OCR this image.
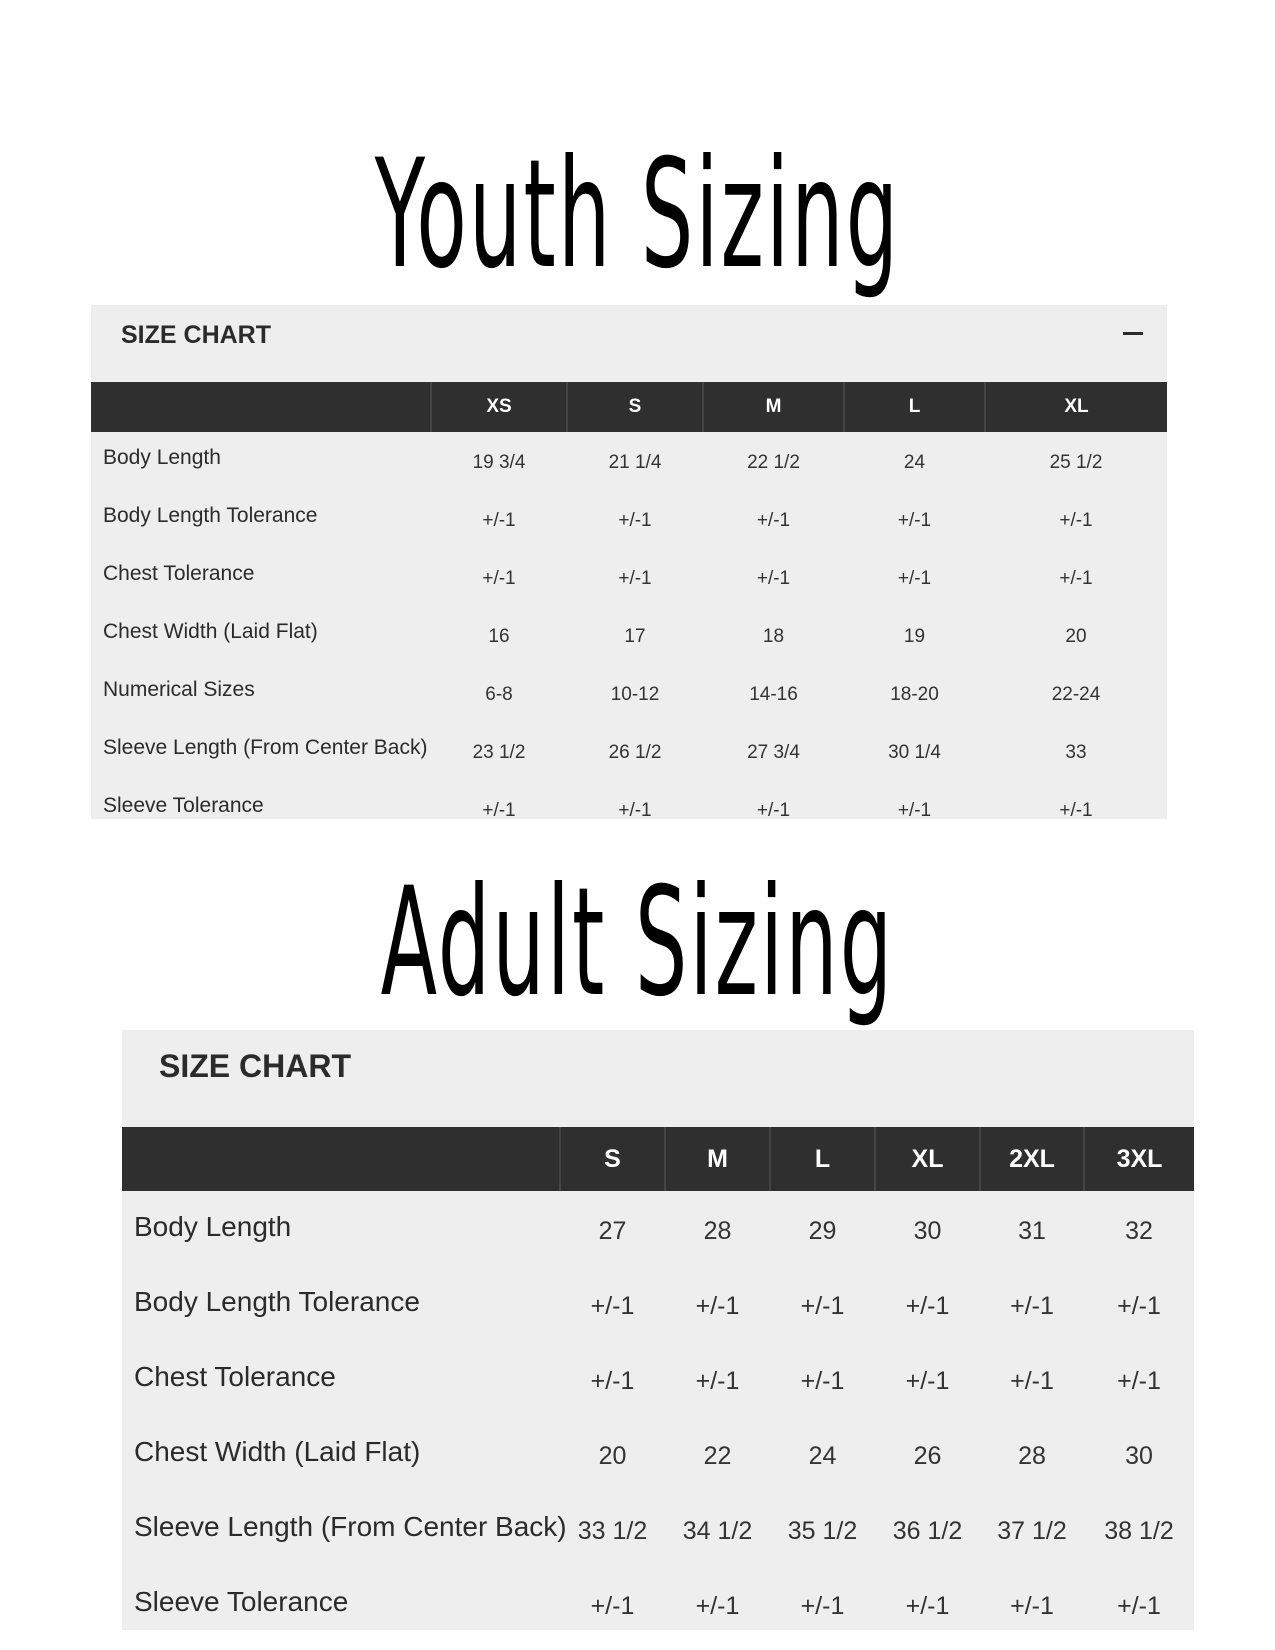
Youth Sizing
SIZE CHART
	XS	S	M	L	XL
Body Length	19 3/4	21 1/4	22 1/2	24	25 1/2
Body Length Tolerance	+/-1	+/-1	+/-1	+/-1	+/-1
Chest Tolerance	+/-1	+/-1	+/-1	+/-1	+/-1
Chest Width (Laid Flat)	16	17	18	19	20
Numerical Sizes	6-8	10-12	14-16	18-20	22-24
Sleeve Length (From Center Back)	23 1/2	26 1/2	27 3/4	30 1/4	33
Sleeve Tolerance	+/-1	+/-1	+/-1	+/-1	+/-1
Adult Sizing
SIZE CHART
	S	M	L	XL	2XL	3XL
Body Length	27	28	29	30	31	32
Body Length Tolerance	+/-1	+/-1	+/-1	+/-1	+/-1	+/-1
Chest Tolerance	+/-1	+/-1	+/-1	+/-1	+/-1	+/-1
Chest Width (Laid Flat)	20	22	24	26	28	30
Sleeve Length (From Center Back)	33 1/2	34 1/2	35 1/2	36 1/2	37 1/2	38 1/2
Sleeve Tolerance	+/-1	+/-1	+/-1	+/-1	+/-1	+/-1
